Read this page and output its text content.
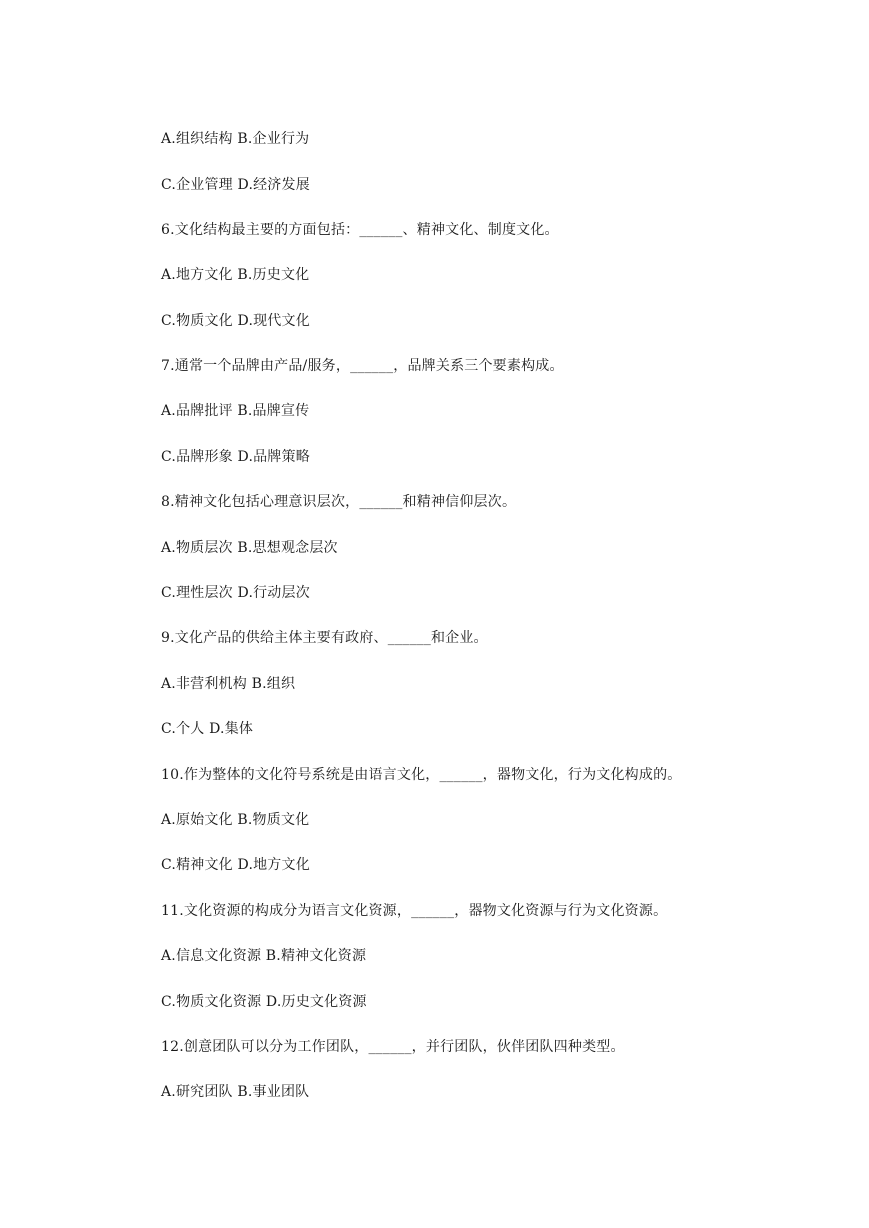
A.组织结构 B.企业行为
C.企业管理 D.经济发展
6.文化结构最主要的方面包括：______、精神文化、制度文化。
A.地方文化 B.历史文化
C.物质文化 D.现代文化
7.通常一个品牌由产品/服务，______，品牌关系三个要素构成。
A.品牌批评 B.品牌宣传
C.品牌形象 D.品牌策略
8.精神文化包括心理意识层次，______和精神信仰层次。
A.物质层次 B.思想观念层次
C.理性层次 D.行动层次
9.文化产品的供给主体主要有政府、______和企业。
A.非营利机构 B.组织
C.个人 D.集体
10.作为整体的文化符号系统是由语言文化，______，器物文化，行为文化构成的。
A.原始文化 B.物质文化
C.精神文化 D.地方文化
11.文化资源的构成分为语言文化资源，______，器物文化资源与行为文化资源。
A.信息文化资源 B.精神文化资源
C.物质文化资源 D.历史文化资源
12.创意团队可以分为工作团队，______，并行团队，伙伴团队四种类型。
A.研究团队 B.事业团队
